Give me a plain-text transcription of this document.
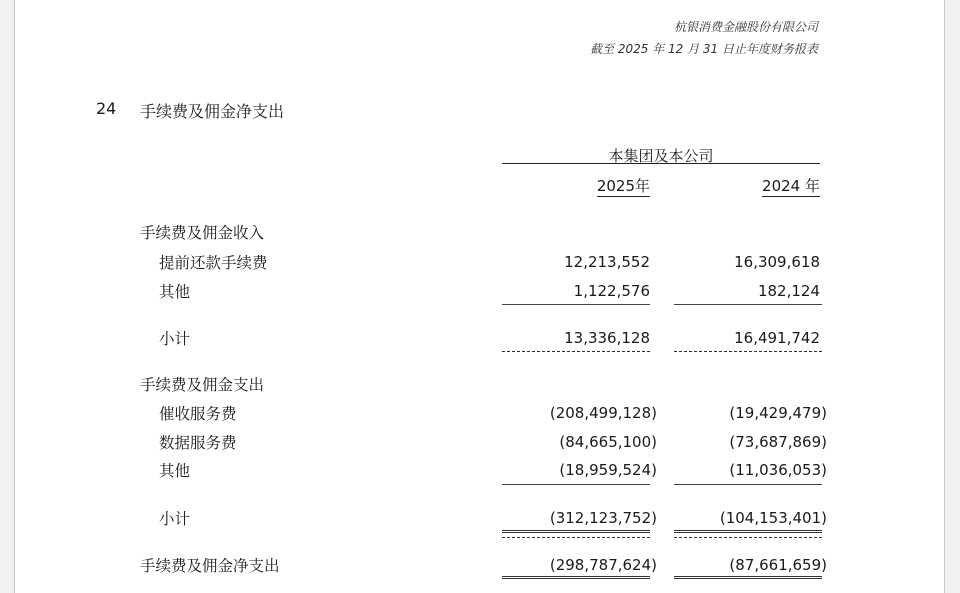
杭银消费金融股份有限公司
截至 2025 年 12 月 31 日止年度财务报表
24 手续费及佣金净支出
本集团及本公司
2025年	2024 年
手续费及佣金收入
提前还款手续费	12,213,552	16,309,618
其他	1,122,576	182,124
小计	13,336,128	16,491,742
手续费及佣金支出
催收服务费	(208,499,128)	(19,429,479)
数据服务费	(84,665,100)	(73,687,869)
其他	(18,959,524)	(11,036,053)
小计	(312,123,752)	(104,153,401)
手续费及佣金净支出	(298,787,624)	(87,661,659)
